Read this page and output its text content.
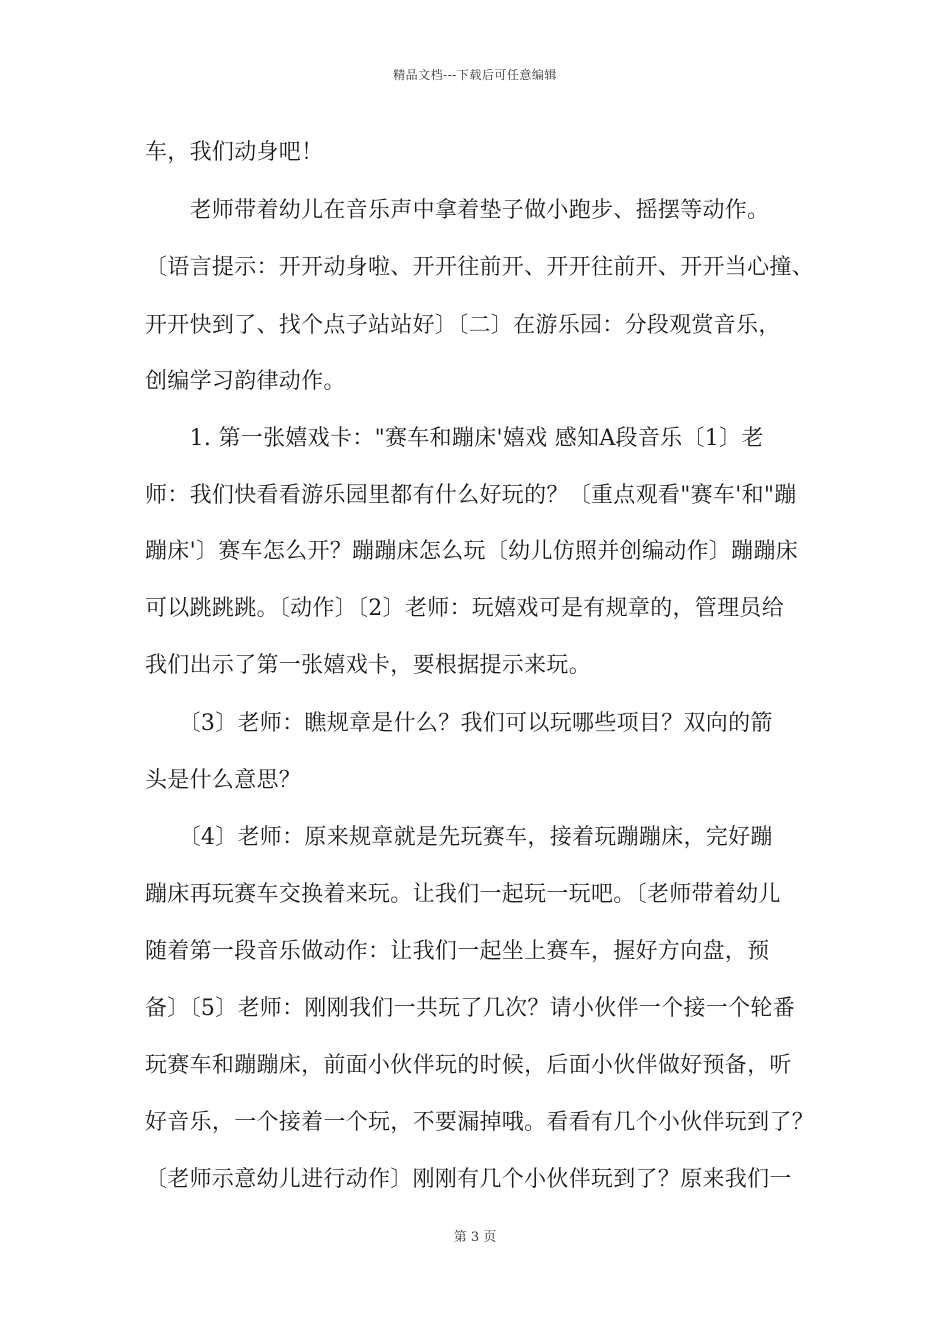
精品文档---下载后可任意编辑
车，我们动身吧！
　　老师带着幼儿在音乐声中拿着垫子做小跑步、摇摆等动作。
〔语言提示：开开动身啦、开开往前开、开开往前开、开开当心撞、
开开快到了、找个点子站站好〕〔二〕在游乐园：分段观赏音乐，
创编学习韵律动作。
　　1. 第一张嬉戏卡："赛车和蹦床'嬉戏 感知A段音乐〔1〕老
师：我们快看看游乐园里都有什么好玩的？〔重点观看"赛车'和"蹦
蹦床'〕赛车怎么开？蹦蹦床怎么玩〔幼儿仿照并创编动作〕蹦蹦床
可以跳跳跳。〔动作〕〔2〕老师：玩嬉戏可是有规章的，管理员给
我们出示了第一张嬉戏卡，要根据提示来玩。
　　〔3〕老师：瞧规章是什么？我们可以玩哪些项目？双向的箭
头是什么意思？
　　〔4〕老师：原来规章就是先玩赛车，接着玩蹦蹦床，完好蹦
蹦床再玩赛车交换着来玩。让我们一起玩一玩吧。〔老师带着幼儿
随着第一段音乐做动作：让我们一起坐上赛车，握好方向盘，预
备〕〔5〕老师：刚刚我们一共玩了几次？请小伙伴一个接一个轮番
玩赛车和蹦蹦床，前面小伙伴玩的时候，后面小伙伴做好预备，听
好音乐，一个接着一个玩，不要漏掉哦。看看有几个小伙伴玩到了？
〔老师示意幼儿进行动作〕刚刚有几个小伙伴玩到了？原来我们一
第 3 页
